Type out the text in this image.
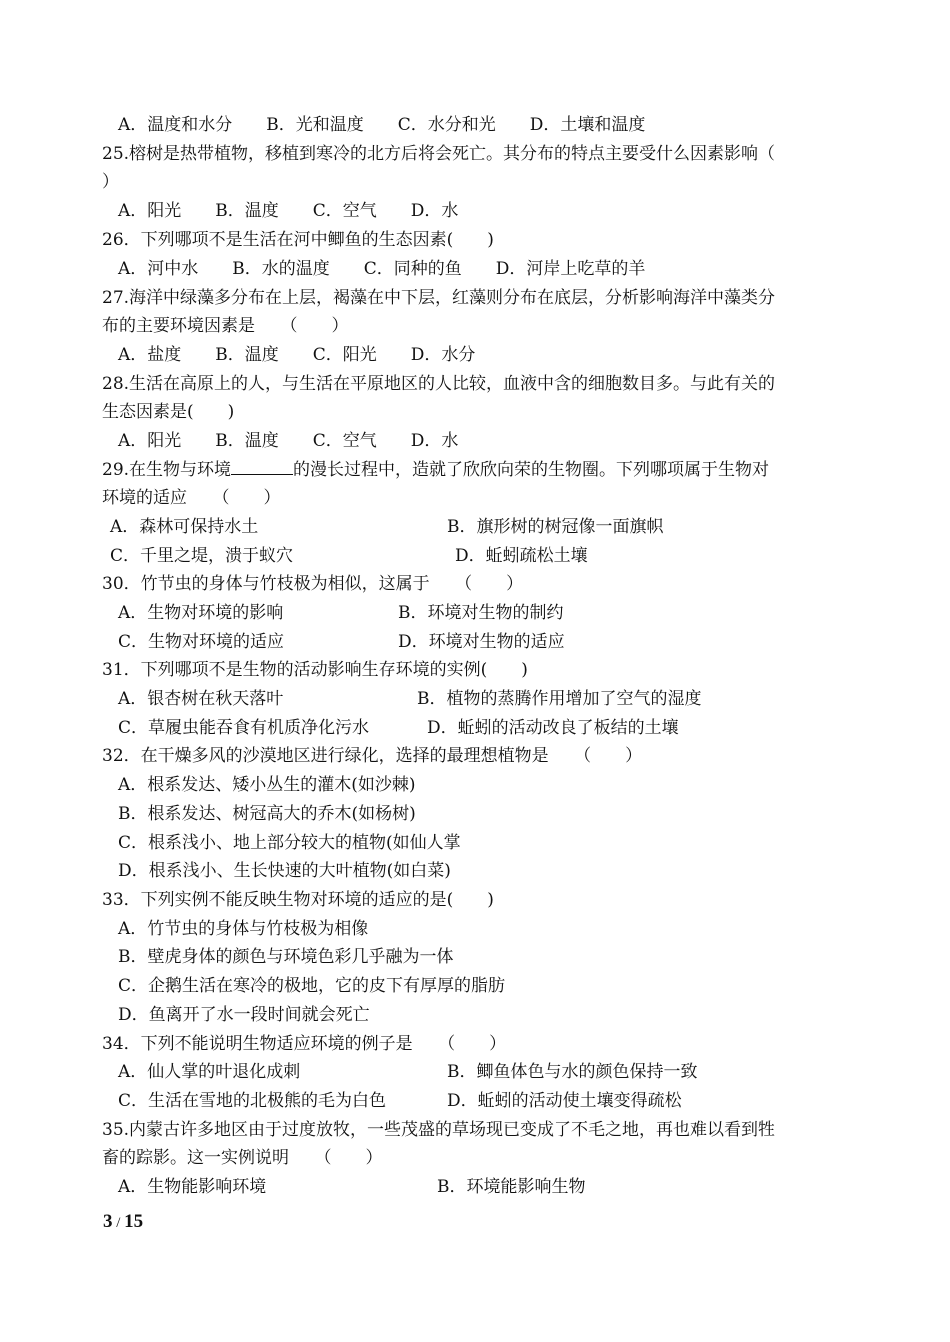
A．温度和水分　　B．光和温度　　C．水分和光　　D．土壤和温度
25.榕树是热带植物，移植到寒冷的北方后将会死亡。其分布的特点主要受什么因素影响（
）
A．阳光　　B．温度　　C．空气　　D．水
26．下列哪项不是生活在河中鲫鱼的生态因素(　　)
A．河中水　　B．水的温度　　C．同种的鱼　　D．河岸上吃草的羊
27.海洋中绿藻多分布在上层，褐藻在中下层，红藻则分布在底层，分析影响海洋中藻类分
布的主要环境因素是　　（　　）
A．盐度　　B．温度　　C．阳光　　D．水分
28.生活在高原上的人，与生活在平原地区的人比较，血液中含的细胞数目多。与此有关的
生态因素是(　　)
A．阳光　　B．温度　　C．空气　　D．水
环境的适应　　（　　）
A．森林可保持水土	B．旗形树的树冠像一面旗帜
C．千里之堤，溃于蚁穴	D．蚯蚓疏松土壤
30．竹节虫的身体与竹枝极为相似，这属于　　（　　）
A．生物对环境的影响	B．环境对生物的制约
C．生物对环境的适应	D．环境对生物的适应
31．下列哪项不是生物的活动影响生存环境的实例(　　)
A．银杏树在秋天落叶	B．植物的蒸腾作用增加了空气的湿度
C．草履虫能吞食有机质净化污水	D．蚯蚓的活动改良了板结的土壤
32．在干燥多风的沙漠地区进行绿化，选择的最理想植物是　　（　　）
A．根系发达、矮小丛生的灌木(如沙棘)
B．根系发达、树冠高大的乔木(如杨树)
C．根系浅小、地上部分较大的植物(如仙人掌
D．根系浅小、生长快速的大叶植物(如白菜)
33．下列实例不能反映生物对环境的适应的是(　　)
A．竹节虫的身体与竹枝极为相像
B．壁虎身体的颜色与环境色彩几乎融为一体
C．企鹅生活在寒冷的极地，它的皮下有厚厚的脂肪
D．鱼离开了水一段时间就会死亡
34．下列不能说明生物适应环境的例子是　　（　　）
A．仙人掌的叶退化成刺	B．鲫鱼体色与水的颜色保持一致
C．生活在雪地的北极熊的毛为白色	D．蚯蚓的活动使土壤变得疏松
35.内蒙古许多地区由于过度放牧，一些茂盛的草场现已变成了不毛之地，再也难以看到牲
畜的踪影。这一实例说明　　（　　）
A．生物能影响环境	B．环境能影响生物
29.在生物与环境	的漫长过程中，造就了欣欣向荣的生物圈。下列哪项属于生物对
3 / 15
